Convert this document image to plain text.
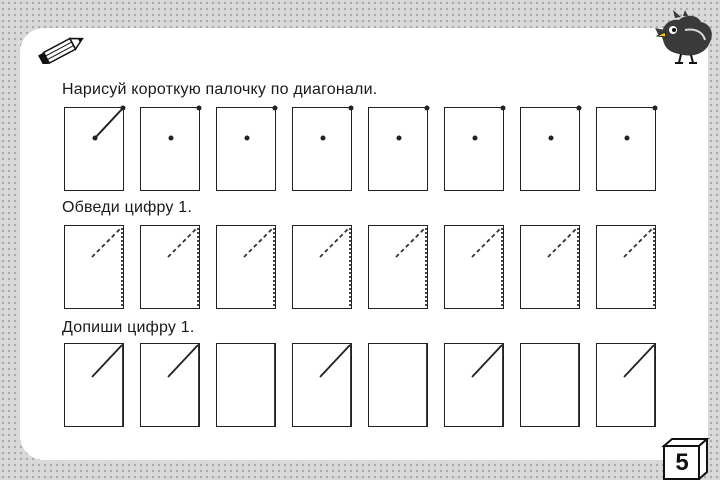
Нарисуй короткую палочку по диагонали.
Обведи цифру 1.
Допиши цифру 1.
5
